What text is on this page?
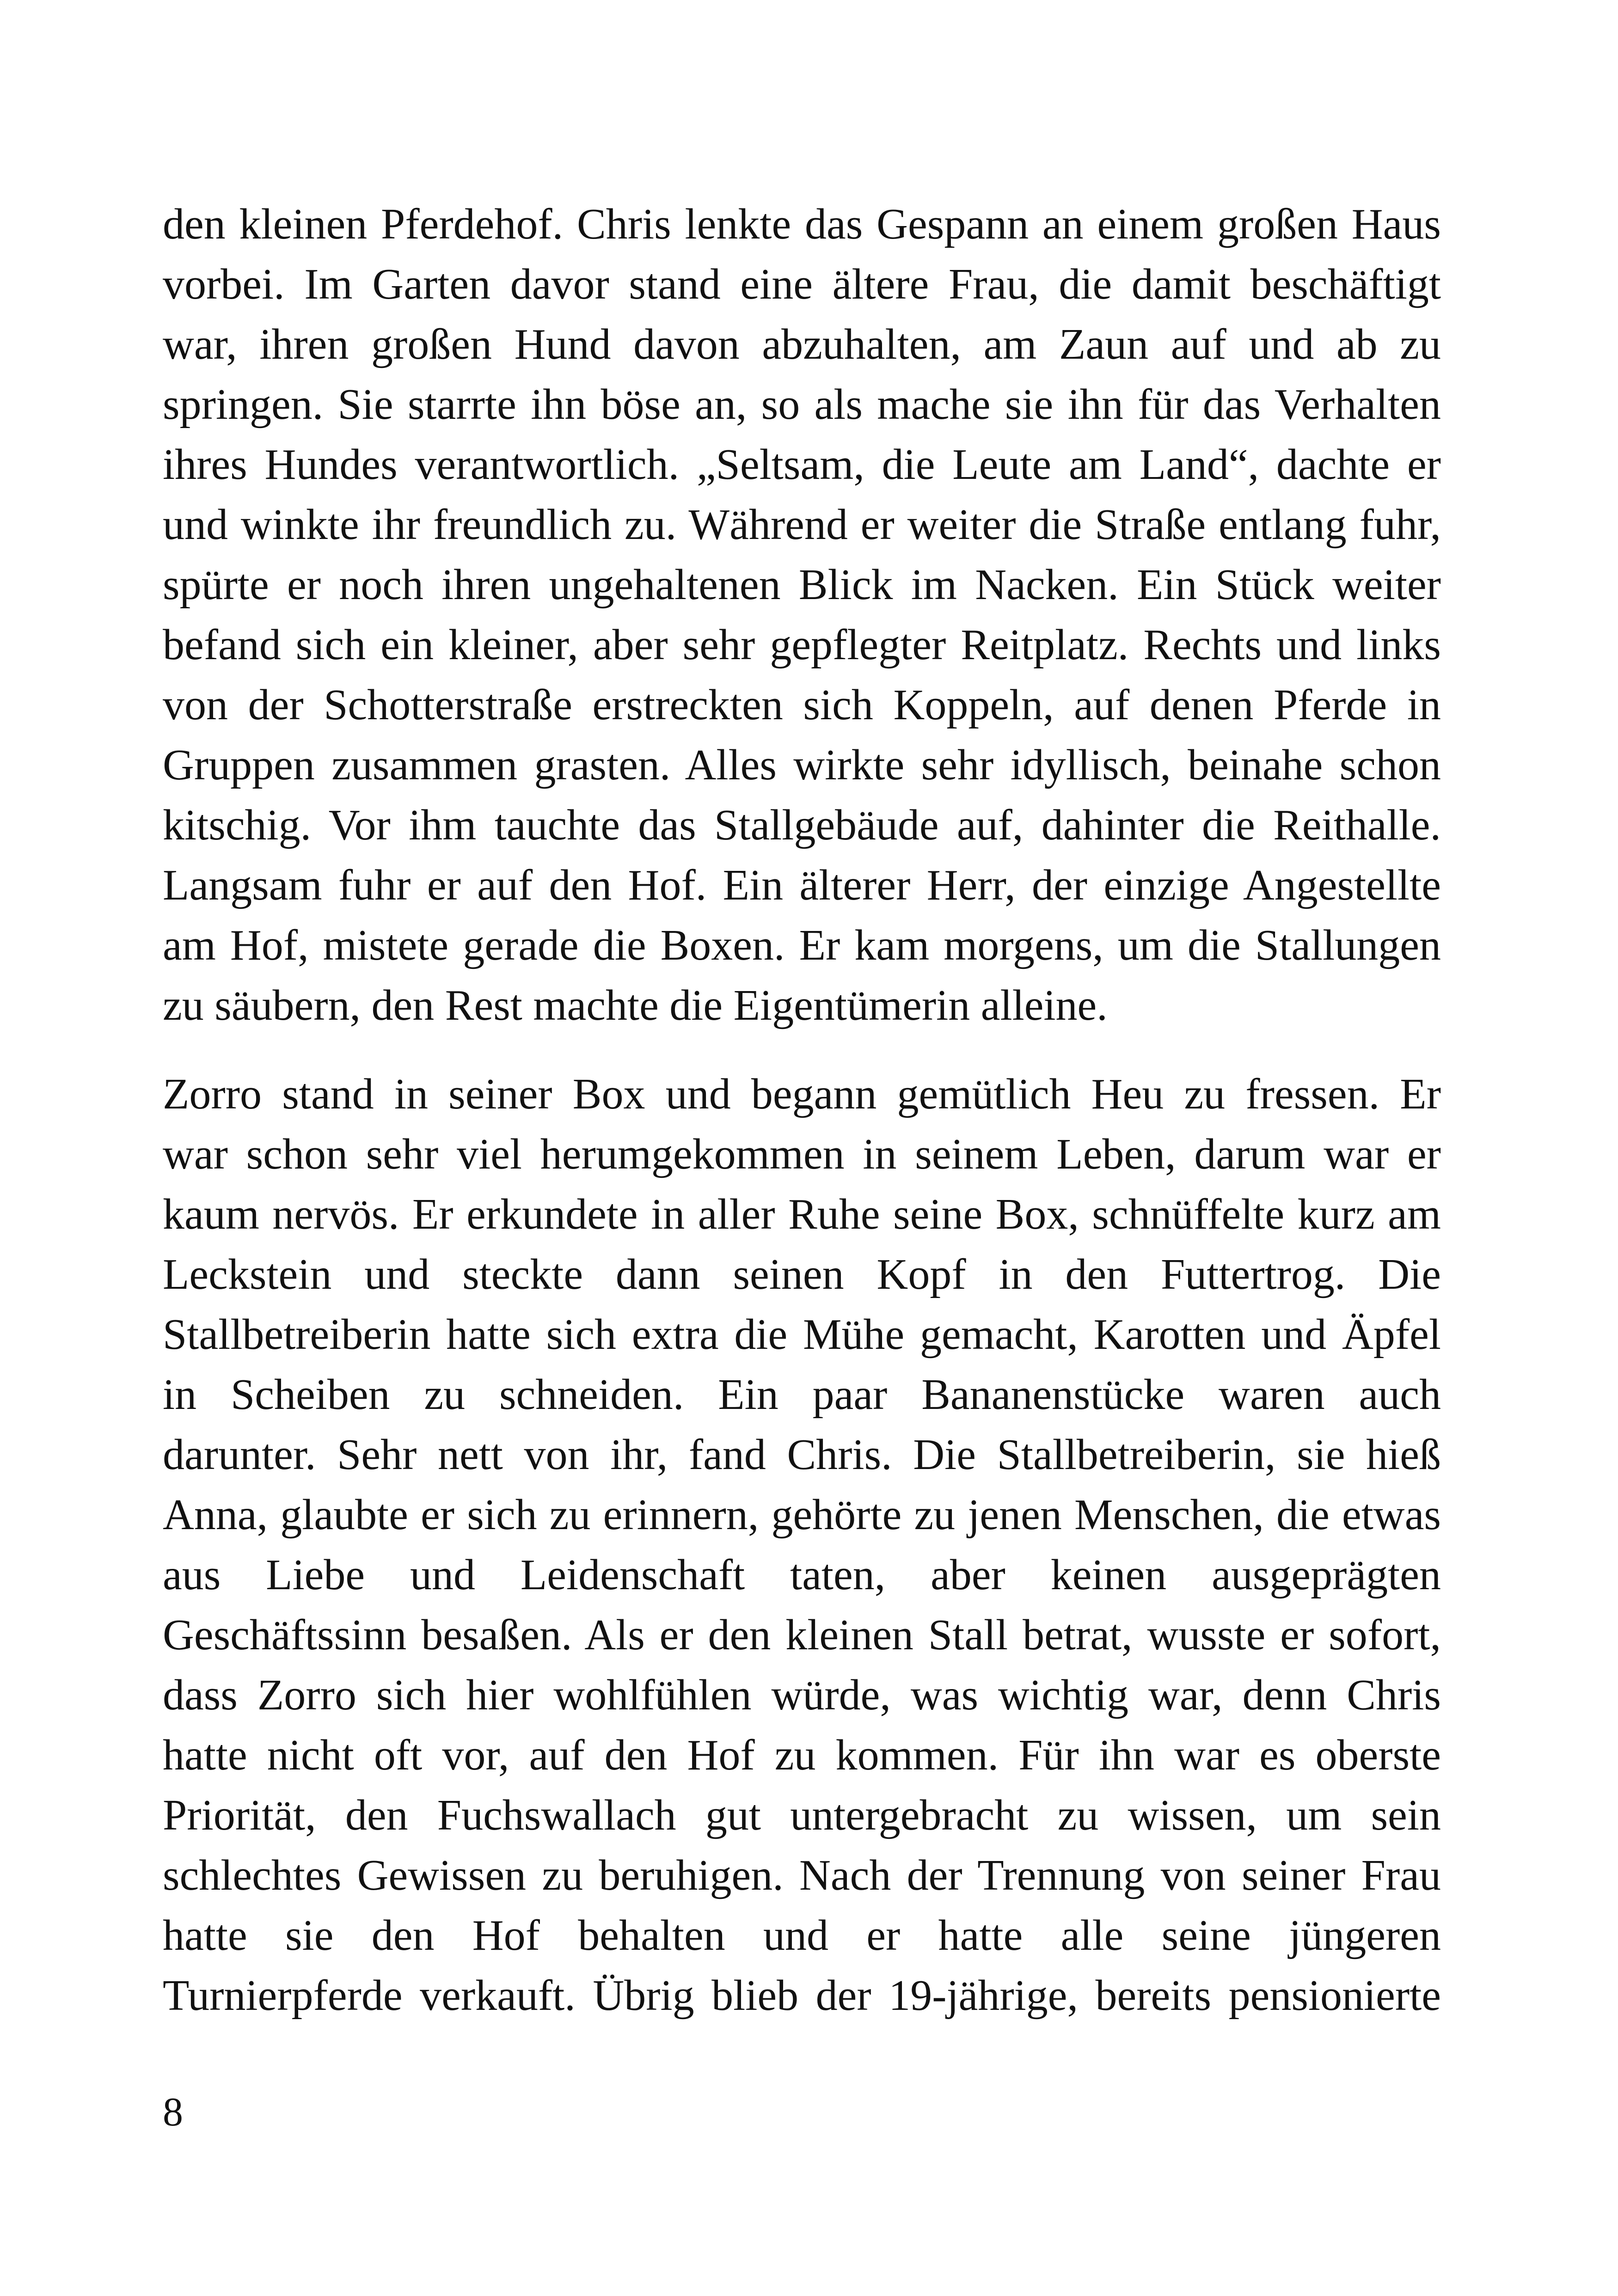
den kleinen Pferdehof. Chris lenkte das Gespann an einem großen Haus
vorbei. Im Garten davor stand eine ältere Frau, die damit beschäftigt
war, ihren großen Hund davon abzuhalten, am Zaun auf und ab zu
springen. Sie starrte ihn böse an, so als mache sie ihn für das Verhalten
ihres Hundes verantwortlich. „Seltsam, die Leute am Land“, dachte er
und winkte ihr freundlich zu. Während er weiter die Straße entlang fuhr,
spürte er noch ihren ungehaltenen Blick im Nacken. Ein Stück weiter
befand sich ein kleiner, aber sehr gepflegter Reitplatz. Rechts und links
von der Schotterstraße erstreckten sich Koppeln, auf denen Pferde in
Gruppen zusammen grasten. Alles wirkte sehr idyllisch, beinahe schon
kitschig. Vor ihm tauchte das Stallgebäude auf, dahinter die Reithalle.
Langsam fuhr er auf den Hof. Ein älterer Herr, der einzige Angestellte
am Hof, mistete gerade die Boxen. Er kam morgens, um die Stallungen
zu säubern, den Rest machte die Eigentümerin alleine.
Zorro stand in seiner Box und begann gemütlich Heu zu fressen. Er
war schon sehr viel herumgekommen in seinem Leben, darum war er
kaum nervös. Er erkundete in aller Ruhe seine Box, schnüffelte kurz am
Leckstein und steckte dann seinen Kopf in den Futtertrog. Die
Stallbetreiberin hatte sich extra die Mühe gemacht, Karotten und Äpfel
in Scheiben zu schneiden. Ein paar Bananenstücke waren auch
darunter. Sehr nett von ihr, fand Chris. Die Stallbetreiberin, sie hieß
Anna, glaubte er sich zu erinnern, gehörte zu jenen Menschen, die etwas
aus Liebe und Leidenschaft taten, aber keinen ausgeprägten
Geschäftssinn besaßen. Als er den kleinen Stall betrat, wusste er sofort,
dass Zorro sich hier wohlfühlen würde, was wichtig war, denn Chris
hatte nicht oft vor, auf den Hof zu kommen. Für ihn war es oberste
Priorität, den Fuchswallach gut untergebracht zu wissen, um sein
schlechtes Gewissen zu beruhigen. Nach der Trennung von seiner Frau
hatte sie den Hof behalten und er hatte alle seine jüngeren
Turnierpferde verkauft. Übrig blieb der 19-jährige, bereits pensionierte
8
